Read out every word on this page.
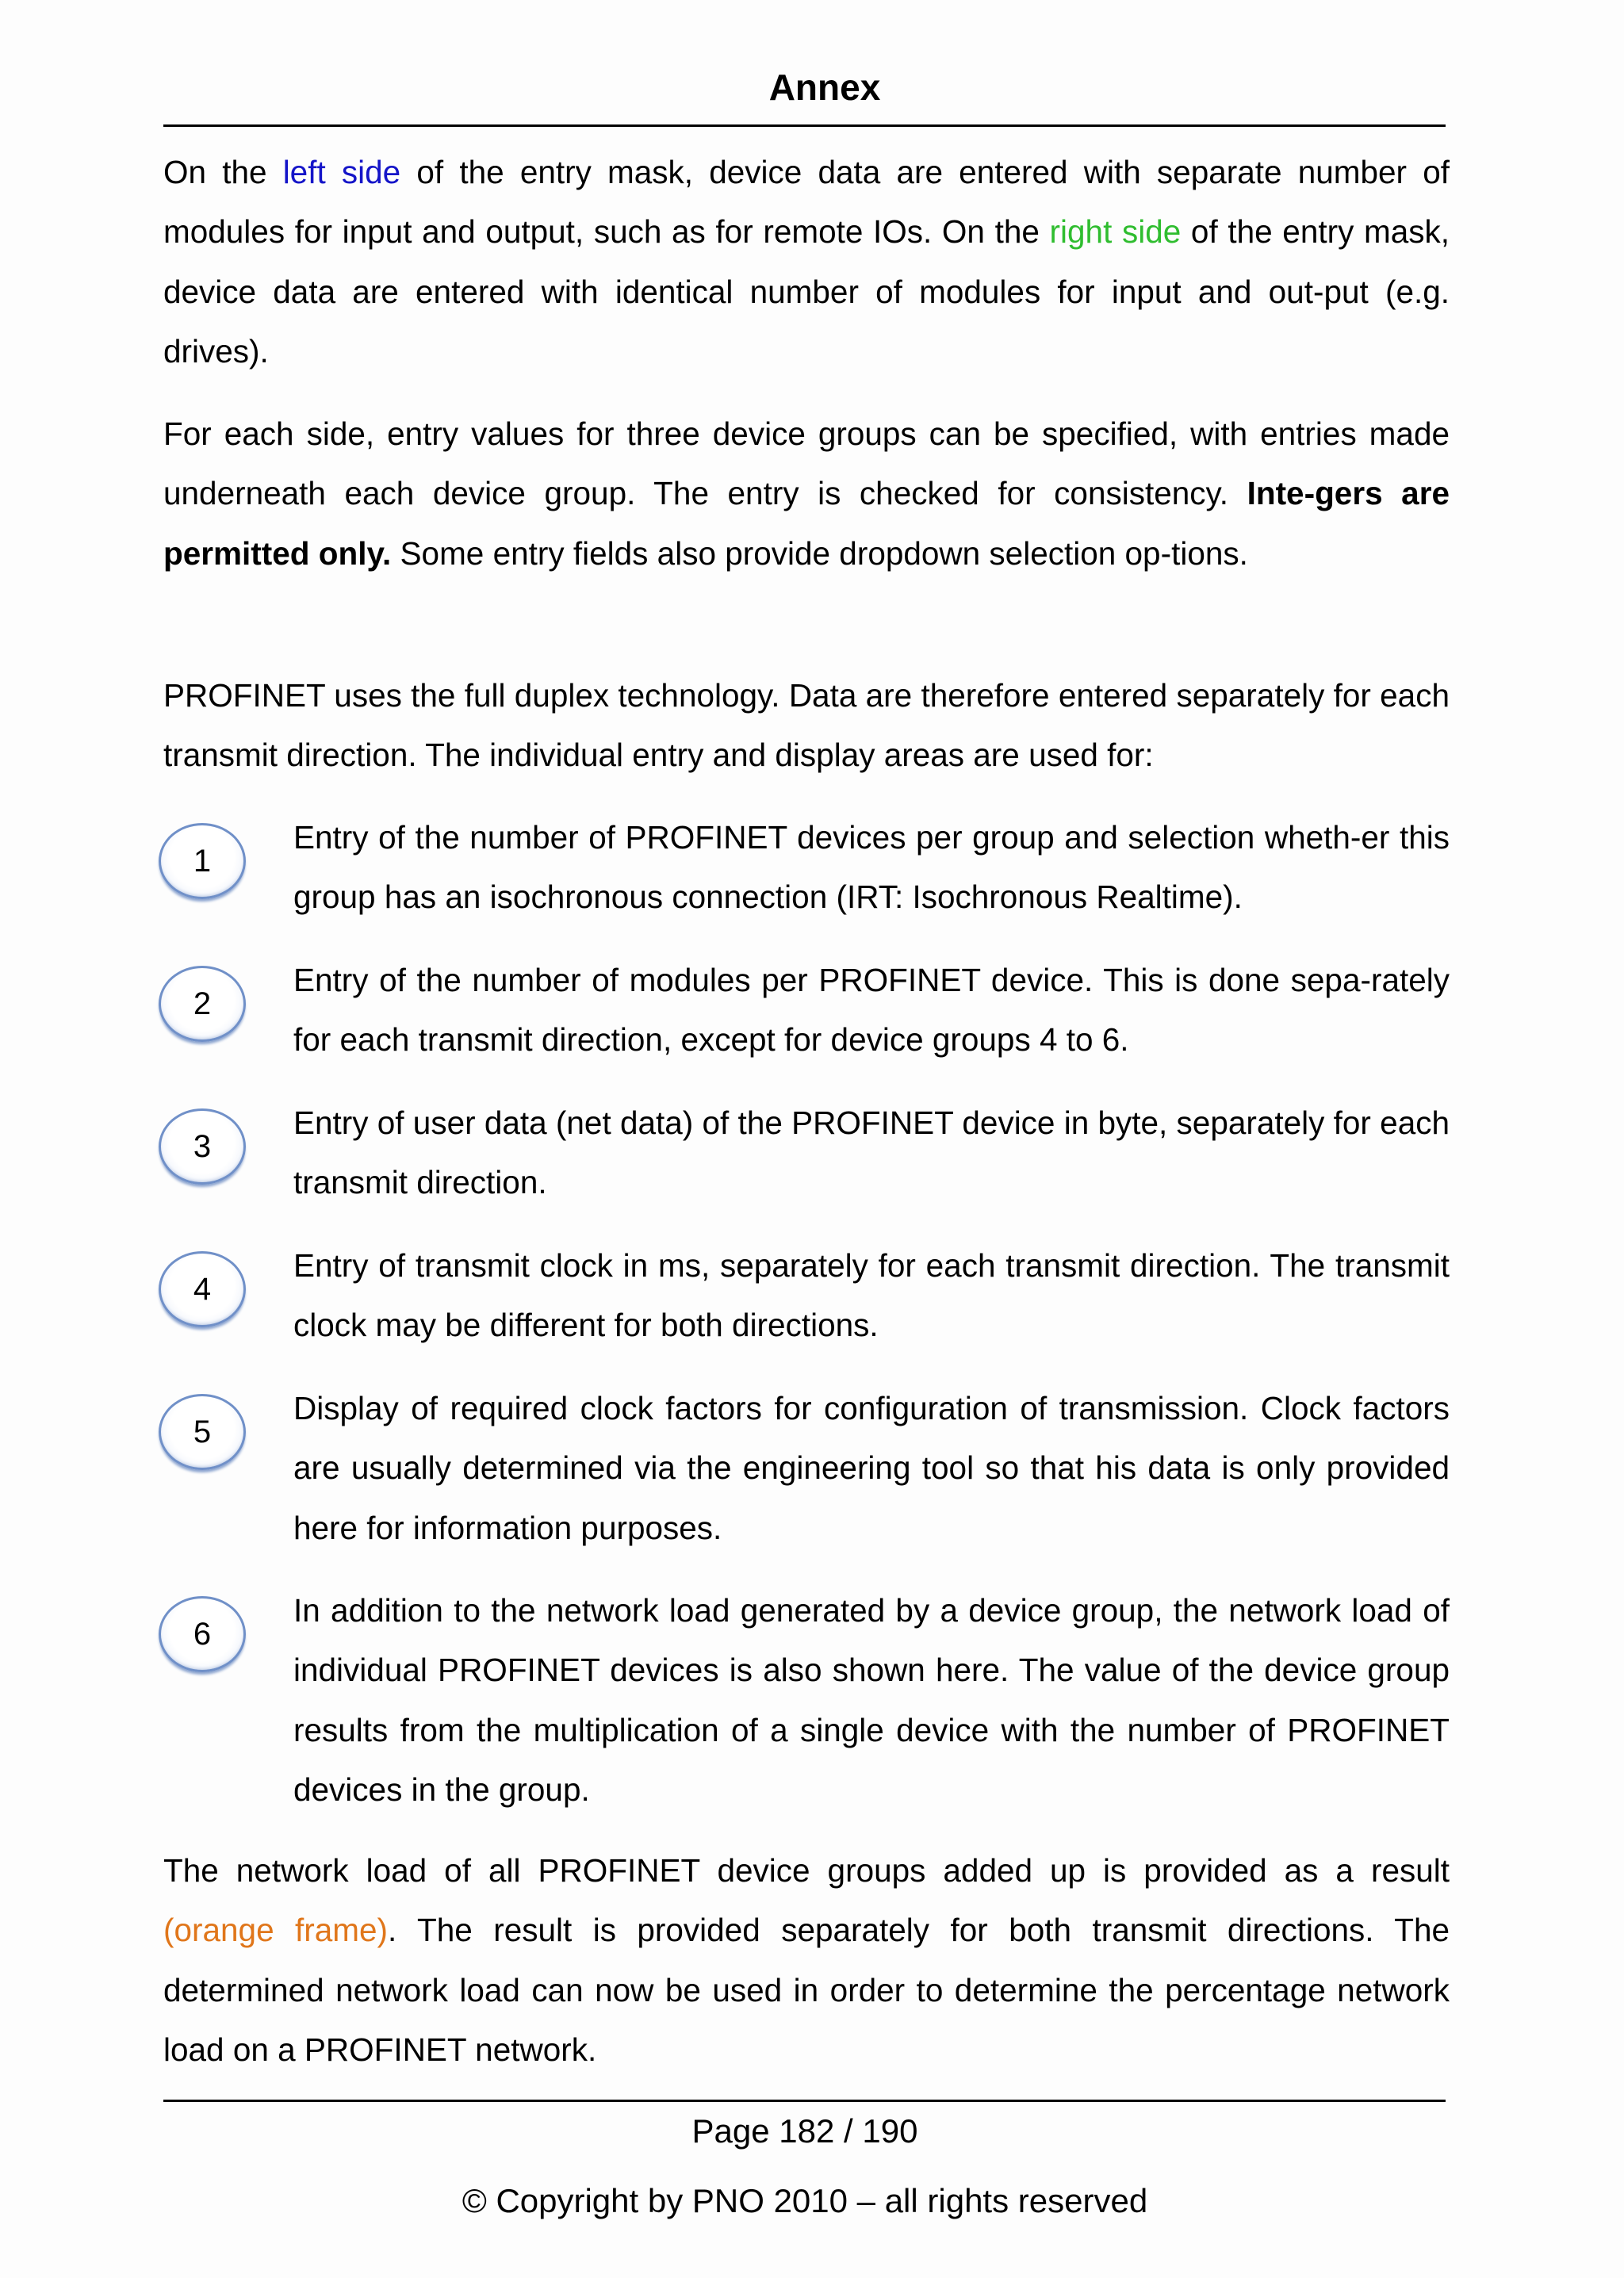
Annex

On the left side of the entry mask, device data are entered with separate number of modules for input and output, such as for remote IOs. On the right side of the entry mask, device data are entered with identical number of modules for input and out-put (e.g. drives).

For each side, entry values for three device groups can be specified, with entries made underneath each device group. The entry is checked for consistency. Inte-gers are permitted only. Some entry fields also provide dropdown selection op-tions.

PROFINET uses the full duplex technology. Data are therefore entered separately for each transmit direction. The individual entry and display areas are used for:

1

Entry of the number of PROFINET devices per group and selection wheth-er this group has an isochronous connection (IRT: Isochronous Realtime).

2

Entry of the number of modules per PROFINET device. This is done sepa-rately for each transmit direction, except for device groups 4 to 6.

3

Entry of user data (net data) of the PROFINET device in byte, separately for each transmit direction.

4

Entry of transmit clock in ms, separately for each transmit direction. The transmit clock may be different for both directions.

5

Display of required clock factors for configuration of transmission. Clock factors are usually determined via the engineering tool so that his data is only provided here for information purposes.

6

In addition to the network load generated by a device group, the network load of individual PROFINET devices is also shown here. The value of the device group results from the multiplication of a single device with the number of PROFINET devices in the group.

The network load of all PROFINET device groups added up is provided as a result (orange frame). The result is provided separately for both transmit directions. The determined network load can now be used in order to determine the percentage network load on a PROFINET network.

Page 182 / 190
© Copyright by PNO 2010 – all rights reserved
